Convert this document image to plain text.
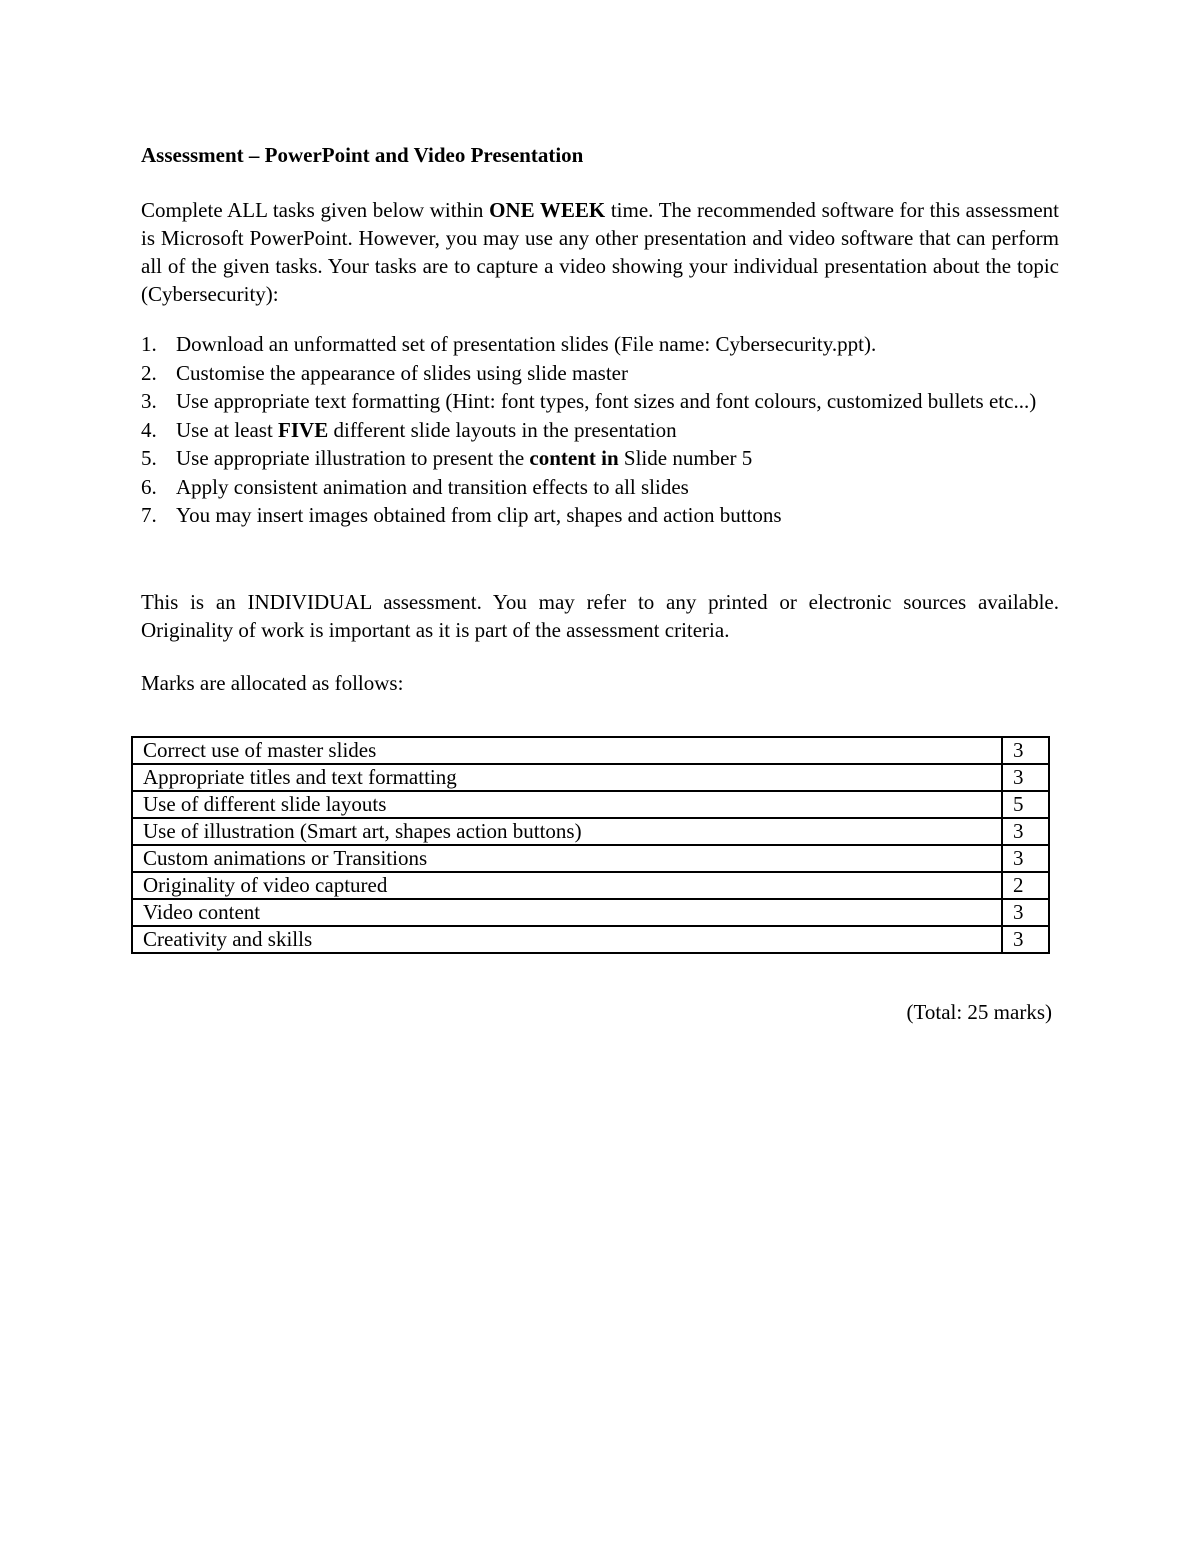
Assessment – PowerPoint and Video Presentation

Complete ALL tasks given below within ONE WEEK time. The recommended software for this assessment is Microsoft PowerPoint. However, you may use any other presentation and video software that can perform all of the given tasks. Your tasks are to capture a video showing your individual presentation about the topic (Cybersecurity):

1. Download an unformatted set of presentation slides (File name: Cybersecurity.ppt).
2. Customise the appearance of slides using slide master
3. Use appropriate text formatting (Hint: font types, font sizes and font colours, customized bullets etc...)
4. Use at least FIVE different slide layouts in the presentation
5. Use appropriate illustration to present the content in Slide number 5
6. Apply consistent animation and transition effects to all slides
7. You may insert images obtained from clip art, shapes and action buttons

This is an INDIVIDUAL assessment. You may refer to any printed or electronic sources available. Originality of work is important as it is part of the assessment criteria.

Marks are allocated as follows:

Correct use of master slides	3
Appropriate titles and text formatting	3
Use of different slide layouts	5
Use of illustration (Smart art, shapes action buttons)	3
Custom animations or Transitions	3
Originality of video captured	2
Video content	3
Creativity and skills	3
(Total: 25 marks)
